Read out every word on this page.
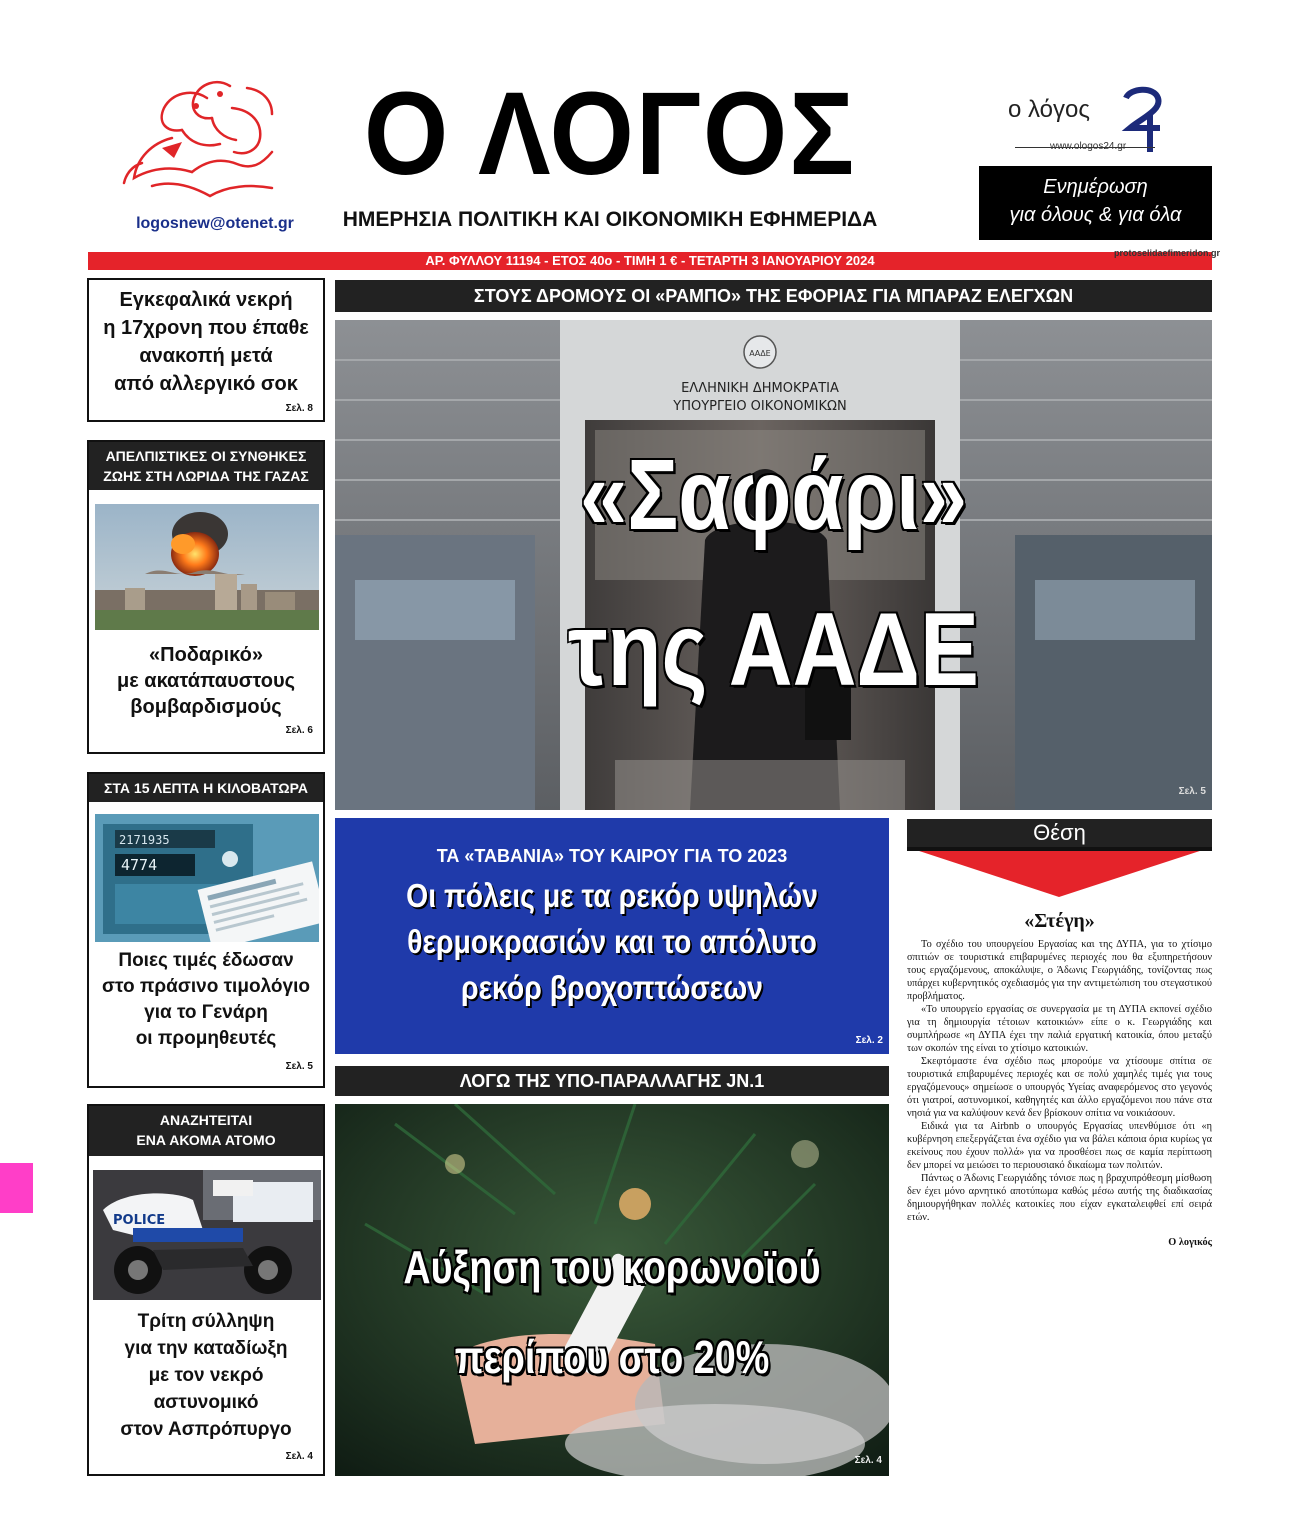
Ο ΛΟΓΟΣ
ΗΜΕΡΗΣΙΑ ΠΟΛΙΤΙΚΗ ΚΑΙ ΟΙΚΟΝΟΜΙΚΗ ΕΦΗΜΕΡΙΔΑ
logosnew@otenet.gr
ο λόγος
www.ologos24.gr
Ενημέρωση
για όλους & για όλα
ΑΡ. ΦΥΛΛΟΥ 11194 - ΕΤΟΣ 40ο - ΤΙΜΗ 1 € - ΤΕΤΑΡΤΗ 3 ΙΑΝΟΥΑΡΙΟΥ 2024	protoselidaefimeridon.gr
Εγκεφαλικά νεκρή
η 17χρονη που έπαθε
ανακοπή μετά
από αλλεργικό σοκ
Σελ. 8
ΑΠΕΛΠΙΣΤΙΚΕΣ ΟΙ ΣΥΝΘΗΚΕΣ
ΖΩΗΣ ΣΤΗ ΛΩΡΙΔΑ ΤΗΣ ΓΑΖΑΣ
«Ποδαρικό»
με ακατάπαυστους
βομβαρδισμούς
Σελ. 6
ΣΤΑ 15 ΛΕΠΤΑ Η ΚΙΛΟΒΑΤΩΡΑ
2171935
4774
Ποιες τιμές έδωσαν
στο πράσινο τιμολόγιο
για το Γενάρη
οι προμηθευτές
Σελ. 5
ΑΝΑΖΗΤΕΙΤΑΙ
ΕΝΑ ΑΚΟΜΑ ΑΤΟΜΟ
POLICE
Τρίτη σύλληψη
για την καταδίωξη
με τον νεκρό
αστυνομικό
στον Ασπρόπυργο
Σελ. 4
ΣΤΟΥΣ ΔΡΟΜΟΥΣ ΟΙ «ΡΑΜΠΟ» ΤΗΣ ΕΦΟΡΙΑΣ ΓΙΑ ΜΠΑΡΑΖ ΕΛΕΓΧΩΝ
ΑΑΔΕ
ΕΛΛΗΝΙΚΗ ΔΗΜΟΚΡΑΤΙΑ
ΥΠΟΥΡΓΕΙΟ ΟΙΚΟΝΟΜΙΚΩΝ
«Σαφάρι»
της ΑΑΔΕ
Σελ. 5
ΤΑ «ΤΑΒΑΝΙΑ» ΤΟΥ ΚΑΙΡΟΥ ΓΙΑ ΤΟ 2023
Οι πόλεις με τα ρεκόρ υψηλών
θερμοκρασιών και το απόλυτο
ρεκόρ βροχοπτώσεων
Σελ. 2
ΛΟΓΩ ΤΗΣ ΥΠΟ-ΠΑΡΑΛΛΑΓΗΣ JN.1
Αύξηση του κορωνοϊού
περίπου στο 20%
Σελ. 4
Θέση
«Στέγη»

Το σχέδιο του υπουργείου Εργασίας και της ΔΥΠΑ, για το χτίσιμο σπιτιών σε τουριστικά επιβαρυμένες περιοχές που θα εξυπηρετήσουν τους εργαζόμενους, αποκάλυψε, ο Άδωνις Γεωργιάδης, τονίζοντας πως υπάρχει κυβερνητικός σχεδιασμός για την αντιμετώπιση του στεγαστικού προβλήματος.

«Το υπουργείο εργασίας σε συνεργασία με τη ΔΥΠΑ εκπονεί σχέδιο για τη δημιουργία τέτοιων κατοικιών» είπε ο κ. Γεωργιάδης και συμπλήρωσε «η ΔΥΠΑ έχει την παλιά εργατική κατοικία, όπου μεταξύ των σκοπών της είναι το χτίσιμο κατοικιών.

Σκεφτόμαστε ένα σχέδιο πως μπορούμε να χτίσουμε σπίτια σε τουριστικά επιβαρυμένες περιοχές και σε πολύ χαμηλές τιμές για τους εργαζόμενους» σημείωσε ο υπουργός Υγείας αναφερόμενος στο γεγονός ότι γιατροί, αστυνομικοί, καθηγητές και άλλο εργαζόμενοι που πάνε στα νησιά για να καλύψουν κενά δεν βρίσκουν σπίτια να νοικιάσουν.

Ειδικά για τα Airbnb ο υπουργός Εργασίας υπενθύμισε ότι «η κυβέρνηση επεξεργάζεται ένα σχέδιο για να βάλει κάποια όρια κυρίως γα εκείνους που έχουν πολλά» για να προσθέσει πως σε καμία περίπτωση δεν μπορεί να μειώσει το περιουσιακό δικαίωμα των πολιτών.

Πάντως ο Άδωνις Γεωργιάδης τόνισε πως η βραχυπρόθεσμη μίσθωση δεν έχει μόνο αρνητικό αποτύπωμα καθώς μέσω αυτής της διαδικασίας δημιουργήθηκαν πολλές κατοικίες που είχαν εγκαταλειφθεί επί σειρά ετών.

Ο λογικός
